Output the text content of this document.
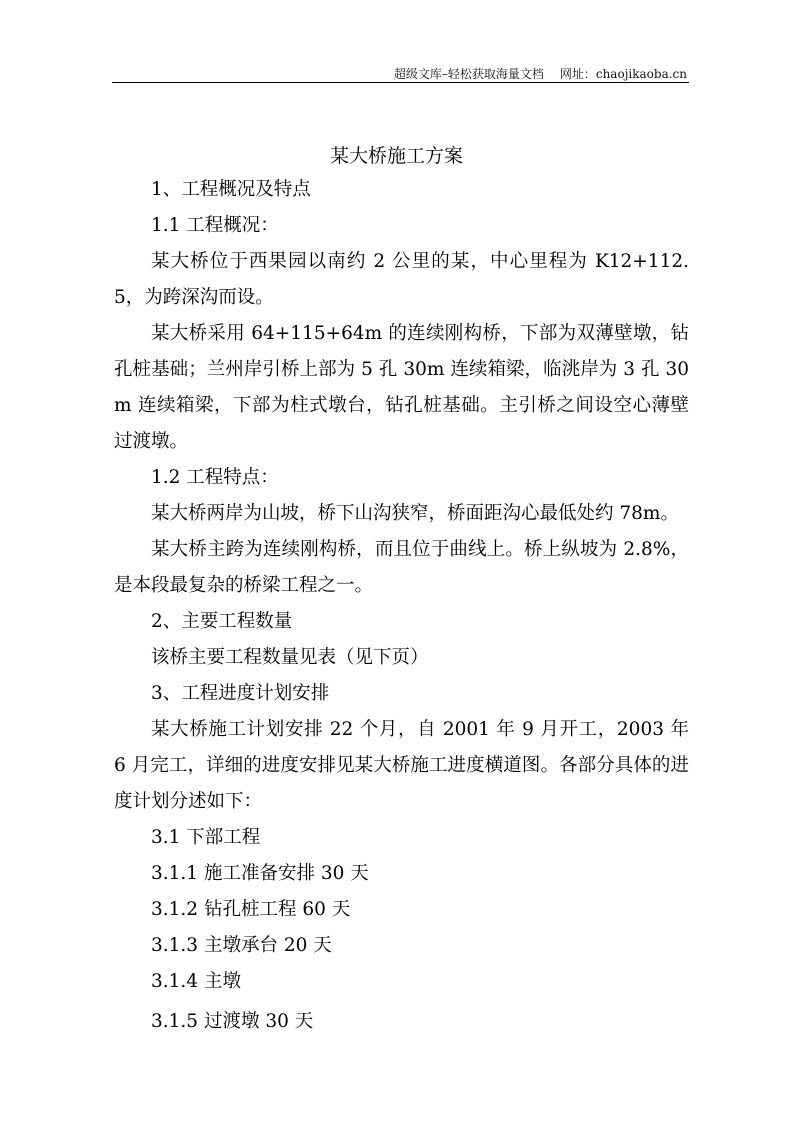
超级文库–轻松获取海量文档 网址：chaojikaoba.cn
某大桥施工方案

1、工程概况及特点

1.1 工程概况：

某大桥位于西果园以南约 2 公里的某，中心里程为 K12+112.5，为跨深沟而设。

某大桥采用 64+115+64m 的连续刚构桥，下部为双薄壁墩，钻孔桩基础；兰州岸引桥上部为 5 孔 30m 连续箱梁，临洮岸为 3 孔 30m 连续箱梁，下部为柱式墩台，钻孔桩基础。主引桥之间设空心薄壁过渡墩。

1.2 工程特点：

某大桥两岸为山坡，桥下山沟狭窄，桥面距沟心最低处约 78m。

某大桥主跨为连续刚构桥，而且位于曲线上。桥上纵坡为 2.8%，是本段最复杂的桥梁工程之一。

2、主要工程数量

该桥主要工程数量见表（见下页）

3、工程进度计划安排

某大桥施工计划安排 22 个月，自 2001 年 9 月开工，2003 年 6 月完工，详细的进度安排见某大桥施工进度横道图。各部分具体的进度计划分述如下：

3.1 下部工程

3.1.1 施工准备安排 30 天

3.1.2 钻孔桩工程 60 天

3.1.3 主墩承台 20 天

3.1.4 主墩

3.1.5 过渡墩 30 天
